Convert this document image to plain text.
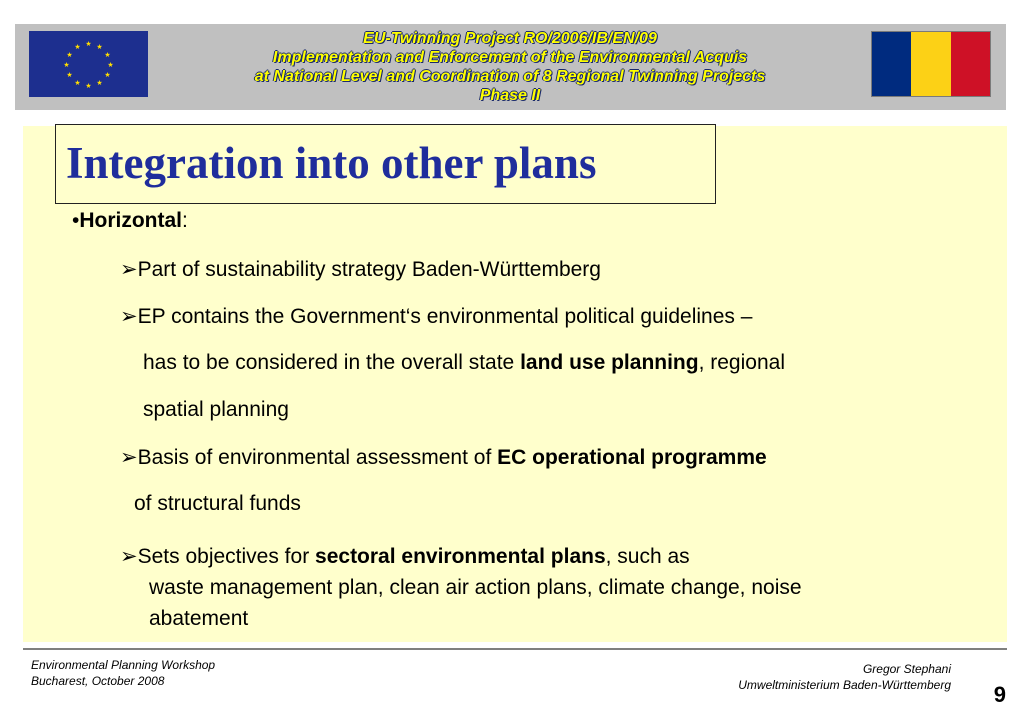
★ ★
★
★
★
★
★
★
★
★
★
★	EU-Twinning Project RO/2006/IB/EN/09
Implementation and Enforcement of the Environmental Acquis
at National Level and Coordination of 8 Regional Twinning Projects
Phase II
Integration into other plans
•Horizontal:
➢Part of sustainability strategy Baden-Württemberg
➢EP contains the Government‘s environmental political guidelines –
has to be considered in the overall state land use planning, regional
spatial planning
➢Basis of environmental assessment of EC operational programme
of structural funds
➢Sets objectives for sectoral environmental plans, such as
waste management plan, clean air action plans, climate change, noise
abatement
Environmental Planning Workshop
Bucharest, October 2008
Gregor Stephani
Umweltministerium Baden-Württemberg 9
